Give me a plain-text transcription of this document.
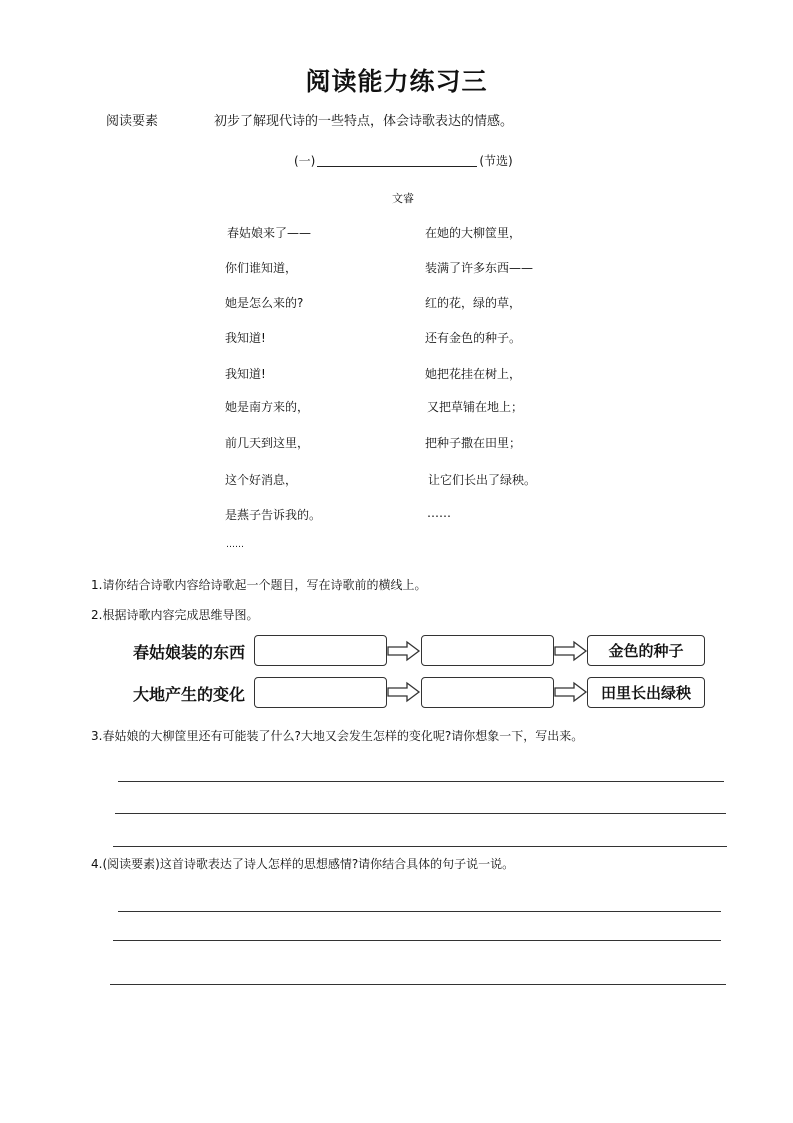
阅读能力练习三
阅读要素	初步了解现代诗的一些特点，体会诗歌表达的情感。
(一)	(节选)
文睿
春姑娘来了——
你们谁知道，
她是怎么来的?
我知道!
我知道!
她是南方来的，
前几天到这里，
这个好消息，
是燕子告诉我的。
……
在她的大柳筐里，
装满了许多东西——
红的花，绿的草，
还有金色的种子。
她把花挂在树上，
又把草铺在地上；
把种子撒在田里；
让它们长出了绿秧。
……
1.请你结合诗歌内容给诗歌起一个题目，写在诗歌前的横线上。
2.根据诗歌内容完成思维导图。
春姑娘装的东西	金色的种子
大地产生的变化	田里长出绿秧
3.春姑娘的大柳筐里还有可能装了什么?大地又会发生怎样的变化呢?请你想象一下，写出来。
4.(阅读要素)这首诗歌表达了诗人怎样的思想感情?请你结合具体的句子说一说。
